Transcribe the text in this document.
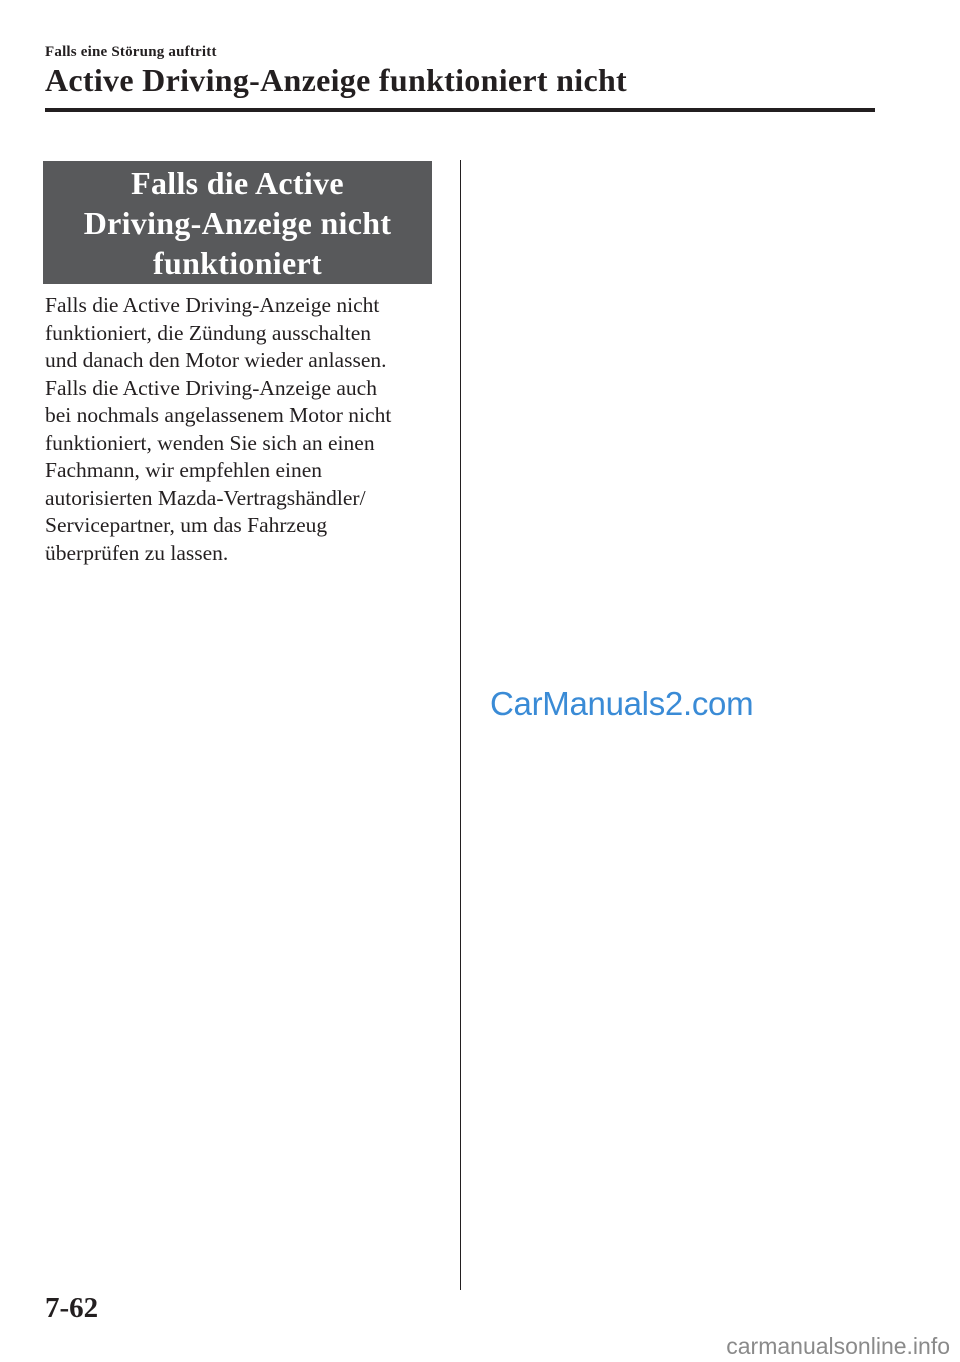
Falls eine Störung auftritt
Active Driving-Anzeige funktioniert nicht
Falls die Active
Driving-Anzeige nicht
funktioniert

Falls die Active Driving-Anzeige nicht

funktioniert, die Zündung ausschalten

und danach den Motor wieder anlassen.

Falls die Active Driving-Anzeige auch

bei nochmals angelassenem Motor nicht

funktioniert, wenden Sie sich an einen

Fachmann, wir empfehlen einen

autorisierten Mazda-Vertragshändler/

Servicepartner, um das Fahrzeug

überprüfen zu lassen.

CarManuals2.com
7-62
carmanualsonline.info
